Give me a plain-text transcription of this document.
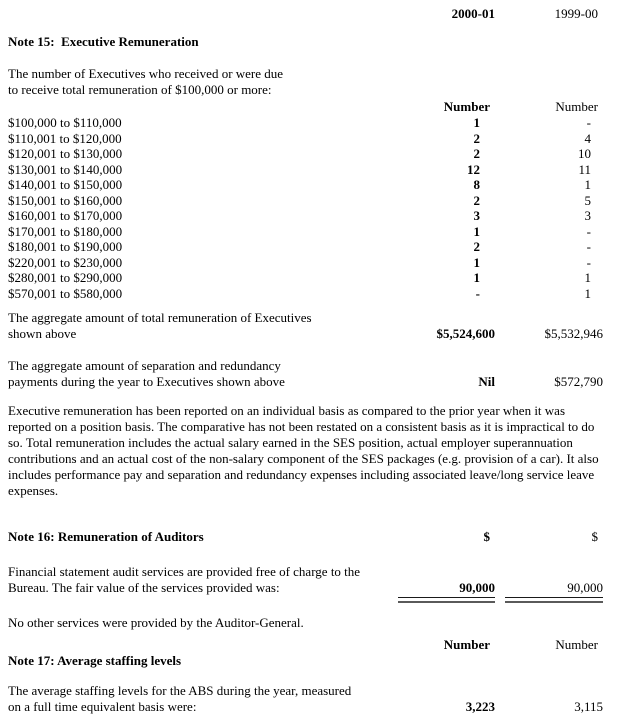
2000-01	1999-00
Note 15:  Executive Remuneration
The number of Executives who received or were due
to receive total remuneration of $100,000 or more:
Number	Number
$100,000 to $110,000	1	-
$110,001 to $120,000	2	4
$120,001 to $130,000	2	10
$130,001 to $140,000	12	11
$140,001 to $150,000	8	1
$150,001 to $160,000	2	5
$160,001 to $170,000	3	3
$170,001 to $180,000	1	-
$180,001 to $190,000	2	-
$220,001 to $230,000	1	-
$280,001 to $290,000	1	1
$570,001 to $580,000	-	1
The aggregate amount of total remuneration of Executives
shown above	$5,524,600	$5,532,946
The aggregate amount of separation and redundancy
payments during the year to Executives shown above	Nil	$572,790
Executive remuneration has been reported on an individual basis as compared to the prior year when it was reported on a position basis. The comparative has not been restated on a consistent basis as it is impractical to do so. Total remuneration includes the actual salary earned in the SES position, actual employer superannuation contributions and an actual cost of the non-salary component of the SES packages (e.g. provision of a car). It also includes performance pay and separation and redundancy expenses including associated leave/long service leave expenses.
Note 16: Remuneration of Auditors	$	$
Financial statement audit services are provided free of charge to the
Bureau. The fair value of the services provided was:	90,000	90,000
No other services were provided by the Auditor-General.
Number	Number
Note 17: Average staffing levels
The average staffing levels for the ABS during the year, measured
on a full time equivalent basis were:	3,223	3,115
